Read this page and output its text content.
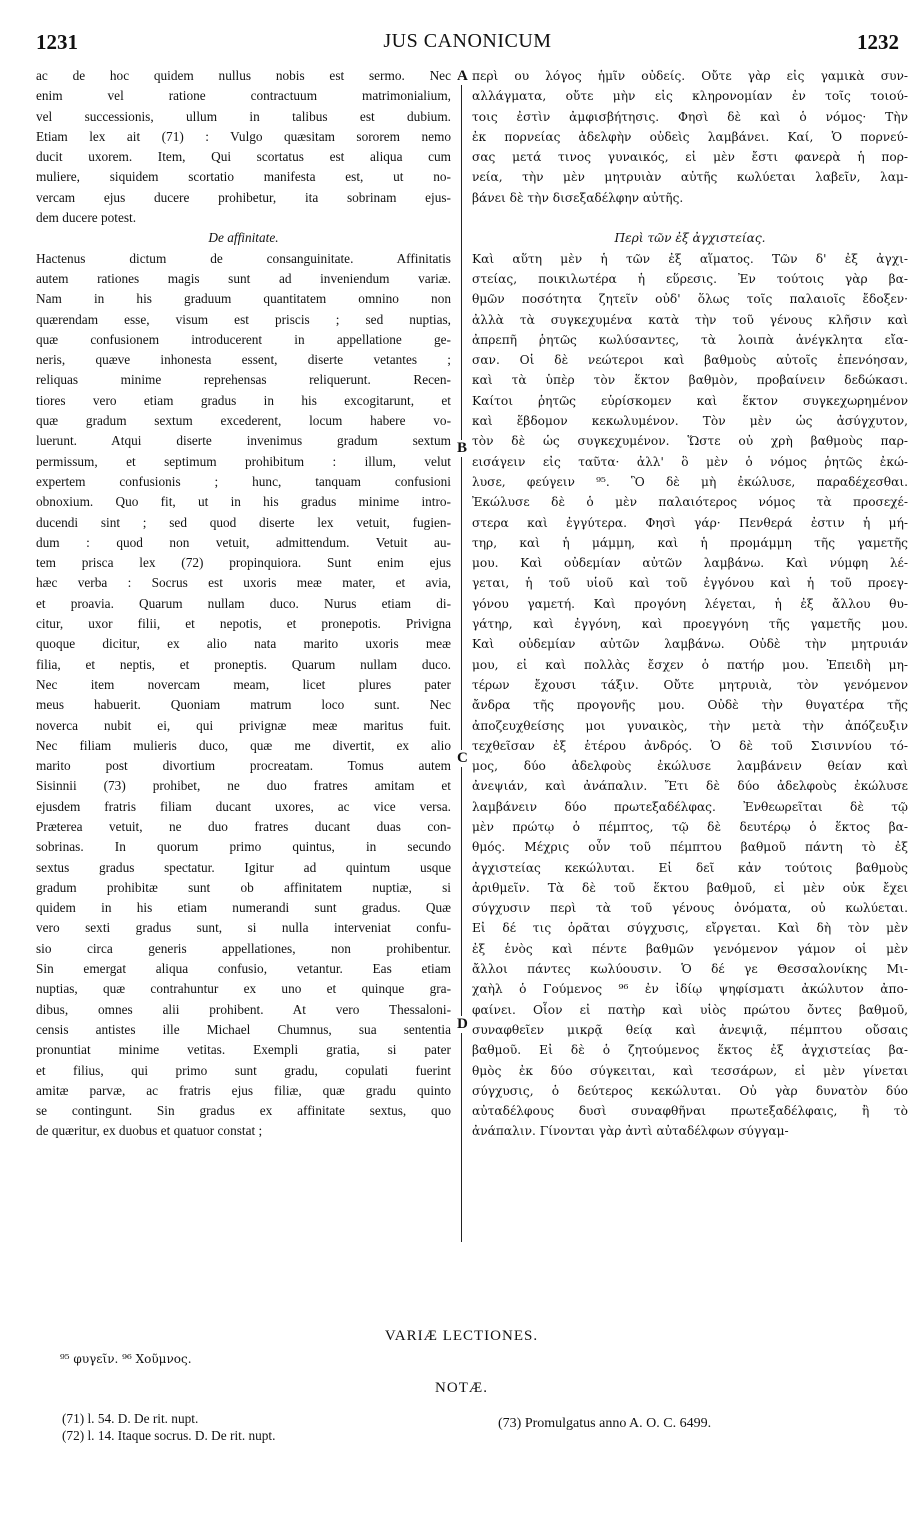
1231	JUS CANONICUM	1232
ac de hoc quidem nullus nobis est sermo. Nec
enim vel ratione contractuum matrimonialium,
vel successionis, ullum in talibus est dubium.
Etiam lex ait (71) : Vulgo quæsitam sororem nemo
ducit uxorem. Item, Qui scortatus est aliqua cum
muliere, siquidem scortatio manifesta est, ut no-
vercam ejus ducere prohibetur, ita sobrinam ejus-
dem ducere potest.
De affinitate.
Hactenus dictum de consanguinitate. Affinitatis
autem rationes magis sunt ad inveniendum variæ.
Nam in his graduum quantitatem omnino non
quærendam esse, visum est priscis ; sed nuptias,
quæ confusionem introducerent in appellatione ge-
neris, quæve inhonesta essent, diserte vetantes ;
reliquas minime reprehensas reliquerunt. Recen-
tiores vero etiam gradus in his excogitarunt, et
quæ gradum sextum excederent, locum habere vo-
luerunt. Atqui diserte invenimus gradum sextum
permissum, et septimum prohibitum : illum, velut
expertem confusionis ; hunc, tanquam confusioni
obnoxium. Quo fit, ut in his gradus minime intro-
ducendi sint ; sed quod diserte lex vetuit, fugien-
dum : quod non vetuit, admittendum. Vetuit au-
tem prisca lex (72) propinquiora. Sunt enim ejus
hæc verba : Socrus est uxoris meæ mater, et avia,
et proavia. Quarum nullam duco. Nurus etiam di-
citur, uxor filii, et nepotis, et pronepotis. Privigna
quoque dicitur, ex alio nata marito uxoris meæ
filia, et neptis, et proneptis. Quarum nullam duco.
Nec item novercam meam, licet plures pater
meus habuerit. Quoniam matrum loco sunt. Nec
noverca nubit ei, qui privignæ meæ maritus fuit.
Nec filiam mulieris duco, quæ me divertit, ex alio
marito post divortium procreatam. Tomus autem
Sisinnii (73) prohibet, ne duo fratres amitam et
ejusdem fratris filiam ducant uxores, ac vice versa.
Præterea vetuit, ne duo fratres ducant duas con-
sobrinas. In quorum primo quintus, in secundo
sextus gradus spectatur. Igitur ad quintum usque
gradum prohibitæ sunt ob affinitatem nuptiæ, si
quidem in his etiam numerandi sunt gradus. Quæ
vero sexti gradus sunt, si nulla interveniat confu-
sio circa generis appellationes, non prohibentur.
Sin emergat aliqua confusio, vetantur. Eas etiam
nuptias, quæ contrahuntur ex uno et quinque gra-
dibus, omnes alii prohibent. At vero Thessaloni-
censis antistes ille Michael Chumnus, sua sententia
pronuntiat minime vetitas. Exempli gratia, si pater
et filius, qui primo sunt gradu, copulati fuerint
amitæ parvæ, ac fratris ejus filiæ, quæ gradu quinto
se contingunt. Sin gradus ex affinitate sextus, quo
de quæritur, ex duobus et quatuor constat ;
περὶ ου λόγος ἡμῖν οὐδείς. Οὔτε γὰρ εἰς γαμικὰ συν-
αλλάγματα, οὔτε μὴν εἰς κληρονομίαν ἐν τοῖς τοιού-
τοις ἐστὶν ἀμφισβήτησις. Φησὶ δὲ καὶ ὁ νόμος· Τὴν
ἐκ πορνείας ἀδελφὴν οὐδεὶς λαμβάνει. Καί, Ὁ πορνεύ-
σας μετά τινος γυναικός, εἰ μὲν ἔστι φανερὰ ἡ πορ-
νεία, τὴν μὲν μητρυιὰν αὐτῆς κωλύεται λαβεῖν, λαμ-
βάνει δὲ τὴν δισεξαδέλφην αὐτῆς.
Περὶ τῶν ἐξ ἀγχιστείας.
Καὶ αὕτη μὲν ἡ τῶν ἐξ αἵματος. Τῶν δ' ἐξ ἀγχι-
στείας, ποικιλωτέρα ἡ εὕρεσις. Ἐν τούτοις γὰρ βα-
θμῶν ποσότητα ζητεῖν οὐδ' ὅλως τοῖς παλαιοῖς ἔδοξεν·
ἀλλὰ τὰ συγκεχυμένα κατὰ τὴν τοῦ γένους κλῆσιν καὶ
ἀπρεπῆ ῥητῶς κωλύσαντες, τὰ λοιπὰ ἀνέγκλητα εἴα-
σαν. Οἱ δὲ νεώτεροι καὶ βαθμοὺς αὐτοῖς ἐπενόησαν,
καὶ τὰ ὑπὲρ τὸν ἕκτον βαθμὸν, προβαίνειν δεδώκασι.
Καίτοι ῥητῶς εὑρίσκομεν καὶ ἕκτον συγκεχωρημένον
καὶ ἕβδομον κεκωλυμένον. Τὸν μὲν ὡς ἀσύγχυτον,
τὸν δὲ ὡς συγκεχυμένον. Ὥστε οὐ χρὴ βαθμοὺς παρ-
εισάγειν εἰς ταῦτα· ἀλλ' ὃ μὲν ὁ νόμος ῥητῶς ἐκώ-
λυσε, φεύγειν ⁹⁵. Ὃ δὲ μὴ ἐκώλυσε, παραδέχεσθαι.
Ἐκώλυσε δὲ ὁ μὲν παλαιότερος νόμος τὰ προσεχέ-
στερα καὶ ἐγγύτερα. Φησὶ γάρ· Πενθερά ἐστιν ἡ μή-
τηρ, καὶ ἡ μάμμη, καὶ ἡ προμάμμη τῆς γαμετῆς
μου. Καὶ οὐδεμίαν αὐτῶν λαμβάνω. Καὶ νύμφη λέ-
γεται, ἡ τοῦ υἱοῦ καὶ τοῦ ἐγγόνου καὶ ἡ τοῦ προεγ-
γόνου γαμετή. Καὶ προγόνη λέγεται, ἡ ἐξ ἄλλου θυ-
γάτηρ, καὶ ἐγγόνη, καὶ προεγγόνη τῆς γαμετῆς μου.
Καὶ οὐδεμίαν αὐτῶν λαμβάνω. Οὐδὲ τὴν μητρυιάν
μου, εἰ καὶ πολλὰς ἔσχεν ὁ πατήρ μου. Ἐπειδὴ μη-
τέρων ἔχουσι τάξιν. Οὔτε μητρυιὰ, τὸν γενόμενον
ἄνδρα τῆς προγονῆς μου. Οὐδὲ τὴν θυγατέρα τῆς
ἀποζευχθείσης μοι γυναικὸς, τὴν μετὰ τὴν ἀπόζευξιν
τεχθεῖσαν ἐξ ἑτέρου ἀνδρός. Ὁ δὲ τοῦ Σισιννίου τό-
μος, δύο ἀδελφοὺς ἐκώλυσε λαμβάνειν θείαν καὶ
ἀνεψιάν, καὶ ἀνάπαλιν. Ἔτι δὲ δύο ἀδελφοὺς ἐκώλυσε
λαμβάνειν δύο πρωτεξαδέλφας. Ἐνθεωρεῖται δὲ τῷ
μὲν πρώτῳ ὁ πέμπτος, τῷ δὲ δευτέρῳ ὁ ἕκτος βα-
θμός. Μέχρις οὖν τοῦ πέμπτου βαθμοῦ πάντη τὸ ἐξ
ἀγχιστείας κεκώλυται. Εἰ δεῖ κἀν τούτοις βαθμοὺς
ἀριθμεῖν. Τὰ δὲ τοῦ ἕκτου βαθμοῦ, εἰ μὲν οὐκ ἔχει
σύγχυσιν περὶ τὰ τοῦ γένους ὀνόματα, οὐ κωλύεται.
Εἰ δέ τις ὁρᾶται σύγχυσις, εἴργεται. Καὶ δὴ τὸν μὲν
ἐξ ἑνὸς καὶ πέντε βαθμῶν γενόμενον γάμον οἱ μὲν
ἄλλοι πάντες κωλύουσιν. Ὁ δέ γε Θεσσαλονίκης Μι-
χαὴλ ὁ Γούμενος ⁹⁶ ἐν ἰδίῳ ψηφίσματι ἀκώλυτον ἀπο-
φαίνει. Οἷον εἰ πατὴρ καὶ υἱὸς πρώτου ὄντες βαθμοῦ,
συναφθεῖεν μικρᾷ θείᾳ καὶ ἀνεψιᾷ, πέμπτου οὔσαις
βαθμοῦ. Εἰ δὲ ὁ ζητούμενος ἕκτος ἐξ ἀγχιστείας βα-
θμὸς ἐκ δύο σύγκειται, καὶ τεσσάρων, εἰ μὲν γίνεται
σύγχυσις, ὁ δεύτερος κεκώλυται. Οὐ γὰρ δυνατὸν δύο
αὐταδέλφους δυσὶ συναφθῆναι πρωτεξαδέλφαις, ἢ τὸ
ἀνάπαλιν. Γίνονται γὰρ ἀντὶ αὐταδέλφων σύγγαμ-
A
B
C
D
VARIÆ LECTIONES.
⁹⁵ φυγεῖν. ⁹⁶ Χοῦμνος.
NOTÆ.
(71) l. 54. D. De rit. nupt.
(72) l. 14. Itaque socrus. D. De rit. nupt.
(73) Promulgatus anno A. O. C. 6499.
